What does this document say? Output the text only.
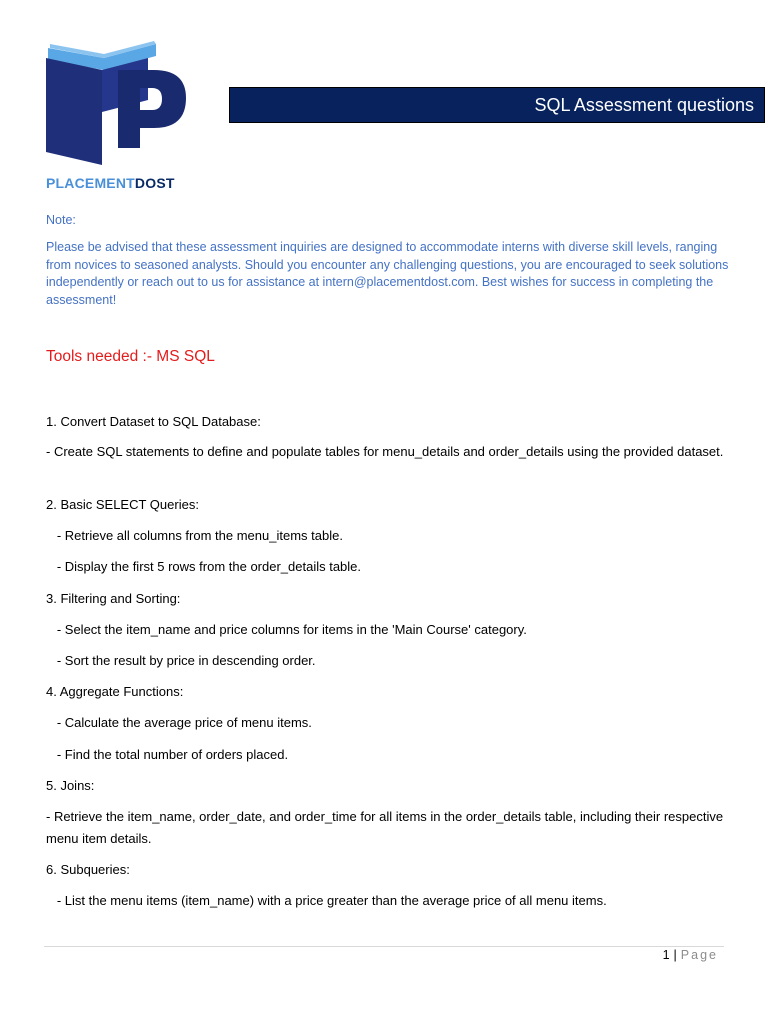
PLACEMENTDOST
SQL Assessment questions
Note:
Please be advised that these assessment inquiries are designed to accommodate interns with diverse skill levels, ranging from novices to seasoned analysts. Should you encounter any challenging questions, you are encouraged to seek solutions independently or reach out to us for assistance at intern@placementdost.com. Best wishes for success in completing the assessment!
Tools needed :- MS SQL
1. Convert Dataset to SQL Database:
- Create SQL statements to define and populate tables for menu_details and order_details using the provided dataset.
2. Basic SELECT Queries:
- Retrieve all columns from the menu_items table.
- Display the first 5 rows from the order_details table.
3. Filtering and Sorting:
- Select the item_name and price columns for items in the 'Main Course' category.
- Sort the result by price in descending order.
4. Aggregate Functions:
- Calculate the average price of menu items.
- Find the total number of orders placed.
5. Joins:
- Retrieve the item_name, order_date, and order_time for all items in the order_details table, including their respective menu item details.
6. Subqueries:
- List the menu items (item_name) with a price greater than the average price of all menu items.
1 | Page
